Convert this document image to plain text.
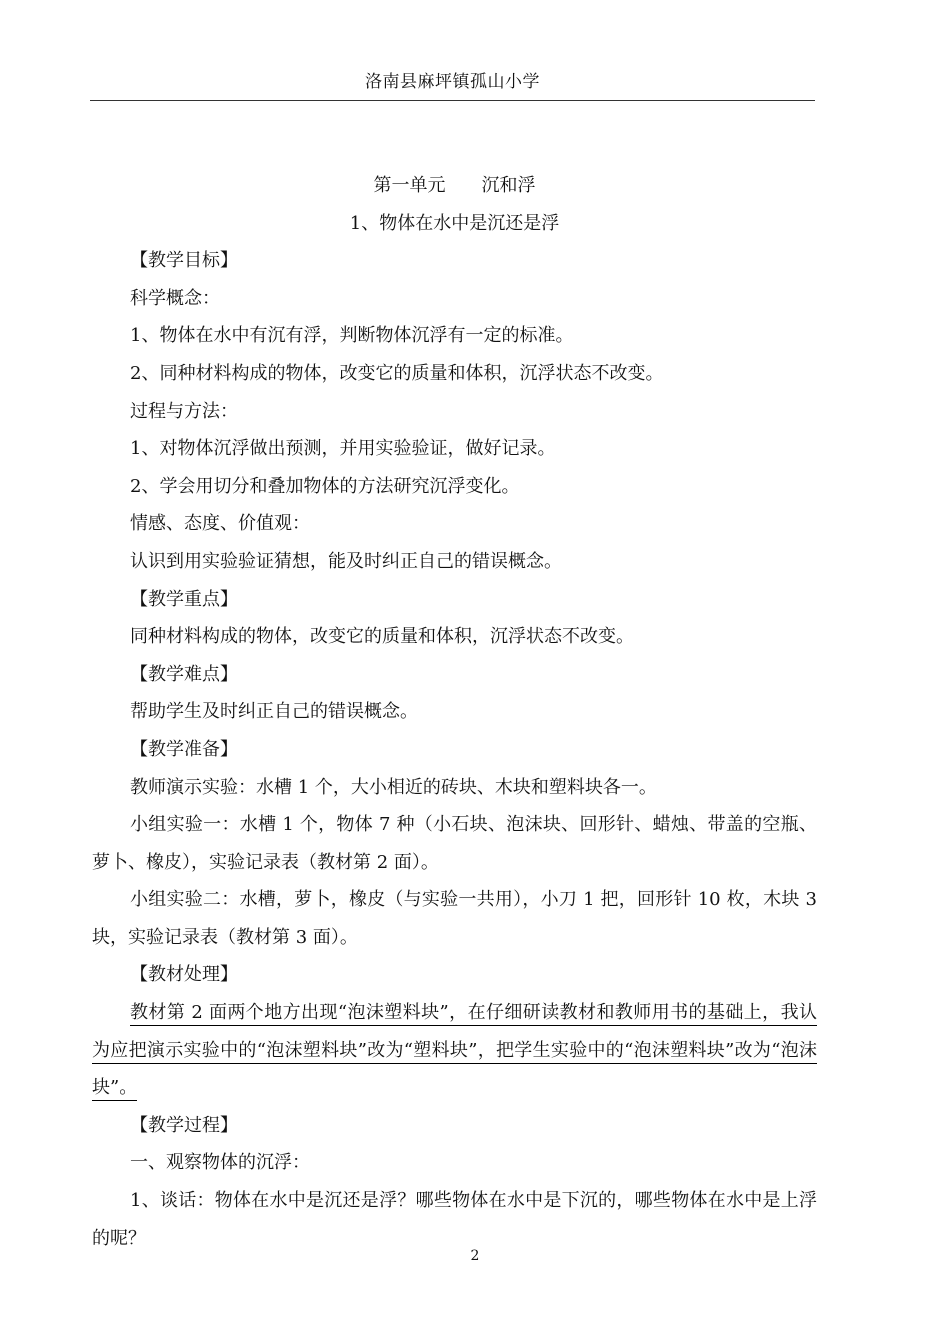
洛南县麻坪镇孤山小学

第一单元 沉和浮

1、物体在水中是沉还是浮

【教学目标】

科学概念：

1、物体在水中有沉有浮，判断物体沉浮有一定的标准。

2、同种材料构成的物体，改变它的质量和体积，沉浮状态不改变。

过程与方法：

1、对物体沉浮做出预测，并用实验验证，做好记录。

2、学会用切分和叠加物体的方法研究沉浮变化。

情感、态度、价值观：

认识到用实验验证猜想，能及时纠正自己的错误概念。

【教学重点】

同种材料构成的物体，改变它的质量和体积，沉浮状态不改变。

【教学难点】

帮助学生及时纠正自己的错误概念。

【教学准备】

教师演示实验：水槽 1 个，大小相近的砖块、木块和塑料块各一。

小组实验一：水槽 1 个，物体 7 种（小石块、泡沫块、回形针、蜡烛、带盖的空瓶、萝卜、橡皮），实验记录表（教材第 2 面）。

小组实验二：水槽，萝卜，橡皮（与实验一共用），小刀 1 把，回形针 10 枚，木块 3 块，实验记录表（教材第 3 面）。

【教材处理】

教材第 2 面两个地方出现“泡沫塑料块”，在仔细研读教材和教师用书的基础上，我认为应把演示实验中的“泡沫塑料块”改为“塑料块”，把学生实验中的“泡沫塑料块”改为“泡沫块”。

【教学过程】

一、观察物体的沉浮：

1、谈话：物体在水中是沉还是浮？哪些物体在水中是下沉的，哪些物体在水中是上浮的呢？

2
